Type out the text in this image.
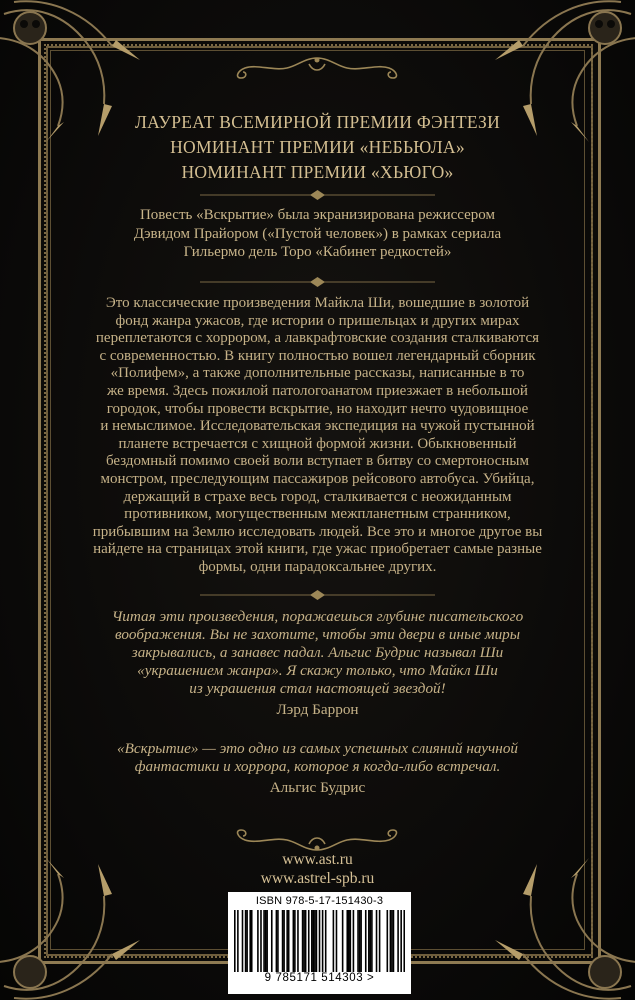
ЛАУРЕАТ ВСЕМИРНОЙ ПРЕМИИ ФЭНТЕЗИ
НОМИНАНТ ПРЕМИИ «НЕБЬЮЛА»
НОМИНАНТ ПРЕМИИ «ХЬЮГО»
Повесть «Вскрытие» была экранизирована режиссером
Дэвидом Прайором («Пустой человек») в рамках сериала
Гильермо дель Торо «Кабинет редкостей»
Это классические произведения Майкла Ши, вошедшие в золотой
фонд жанра ужасов, где истории о пришельцах и других мирах
переплетаются с хоррором, а лавкрафтовские создания сталкиваются
с современностью. В книгу полностью вошел легендарный сборник
«Полифем», а также дополнительные рассказы, написанные в то
же время. Здесь пожилой патологоанатом приезжает в небольшой
городок, чтобы провести вскрытие, но находит нечто чудовищное
и немыслимое. Исследовательская экспедиция на чужой пустынной
планете встречается с хищной формой жизни. Обыкновенный
бездомный помимо своей воли вступает в битву со смертоносным
монстром, преследующим пассажиров рейсового автобуса. Убийца,
держащий в страхе весь город, сталкивается с неожиданным
противником, могущественным межпланетным странником,
прибывшим на Землю исследовать людей. Все это и многое другое вы
найдете на страницах этой книги, где ужас приобретает самые разные
формы, одни парадоксальнее других.
Читая эти произведения, поражаешься глубине писательского
воображения. Вы не захотите, чтобы эти двери в иные миры
закрывались, а занавес падал. Альгис Будрис называл Ши
«украшением жанра». Я скажу только, что Майкл Ши
из украшения стал настоящей звездой!
Лэрд Баррон
«Вскрытие» — это одно из самых успешных слияний научной
фантастики и хоррора, которое я когда-либо встречал.
Альгис Будрис
www.ast.ru
www.astrel-spb.ru
ISBN 978-5-17-151430-3
9 785171 514303 >
